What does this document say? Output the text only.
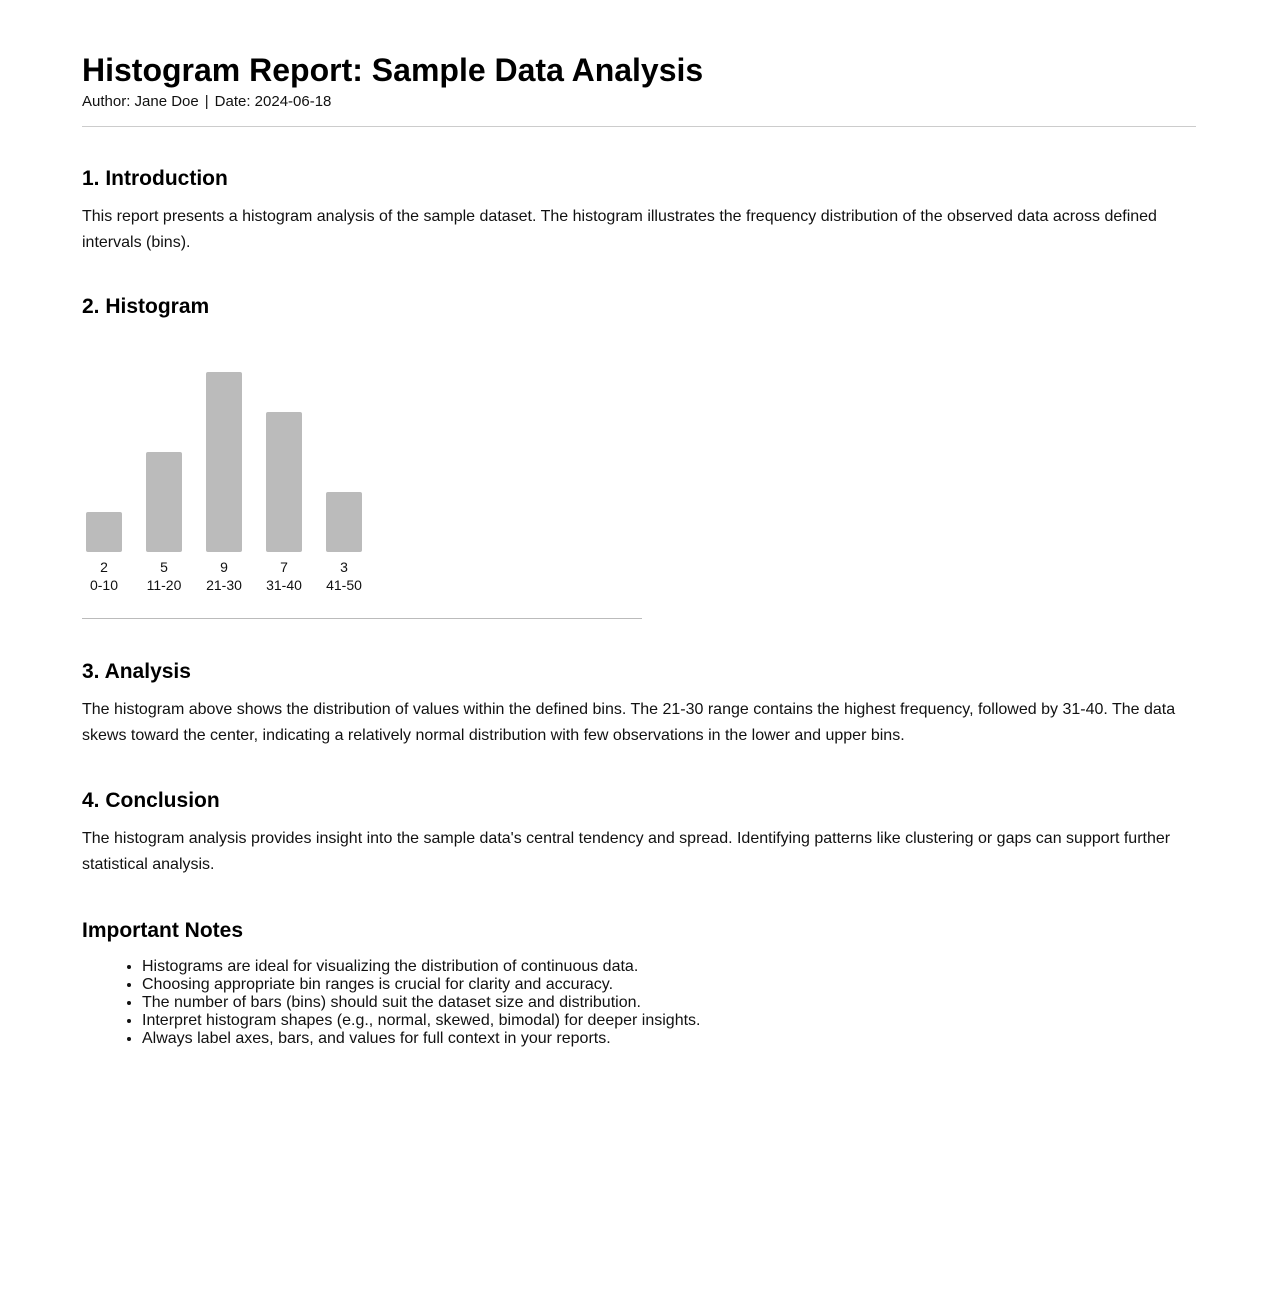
Histogram Report: Sample Data Analysis
Author: Jane Doe | Date: 2024-06-18
1. Introduction

This report presents a histogram analysis of the sample dataset. The histogram illustrates the frequency distribution of the observed data across defined intervals (bins).

2. Histogram
2
0-10
5
11-20
9
21-30
7
31-40
3
41-50
3. Analysis

The histogram above shows the distribution of values within the defined bins. The 21-30 range contains the highest frequency, followed by 31-40. The data skews toward the center, indicating a relatively normal distribution with few observations in the lower and upper bins.

4. Conclusion

The histogram analysis provides insight into the sample data's central tendency and spread. Identifying patterns like clustering or gaps can support further statistical analysis.

Important Notes
• Histograms are ideal for visualizing the distribution of continuous data.
• Choosing appropriate bin ranges is crucial for clarity and accuracy.
• The number of bars (bins) should suit the dataset size and distribution.
• Interpret histogram shapes (e.g., normal, skewed, bimodal) for deeper insights.
• Always label axes, bars, and values for full context in your reports.
